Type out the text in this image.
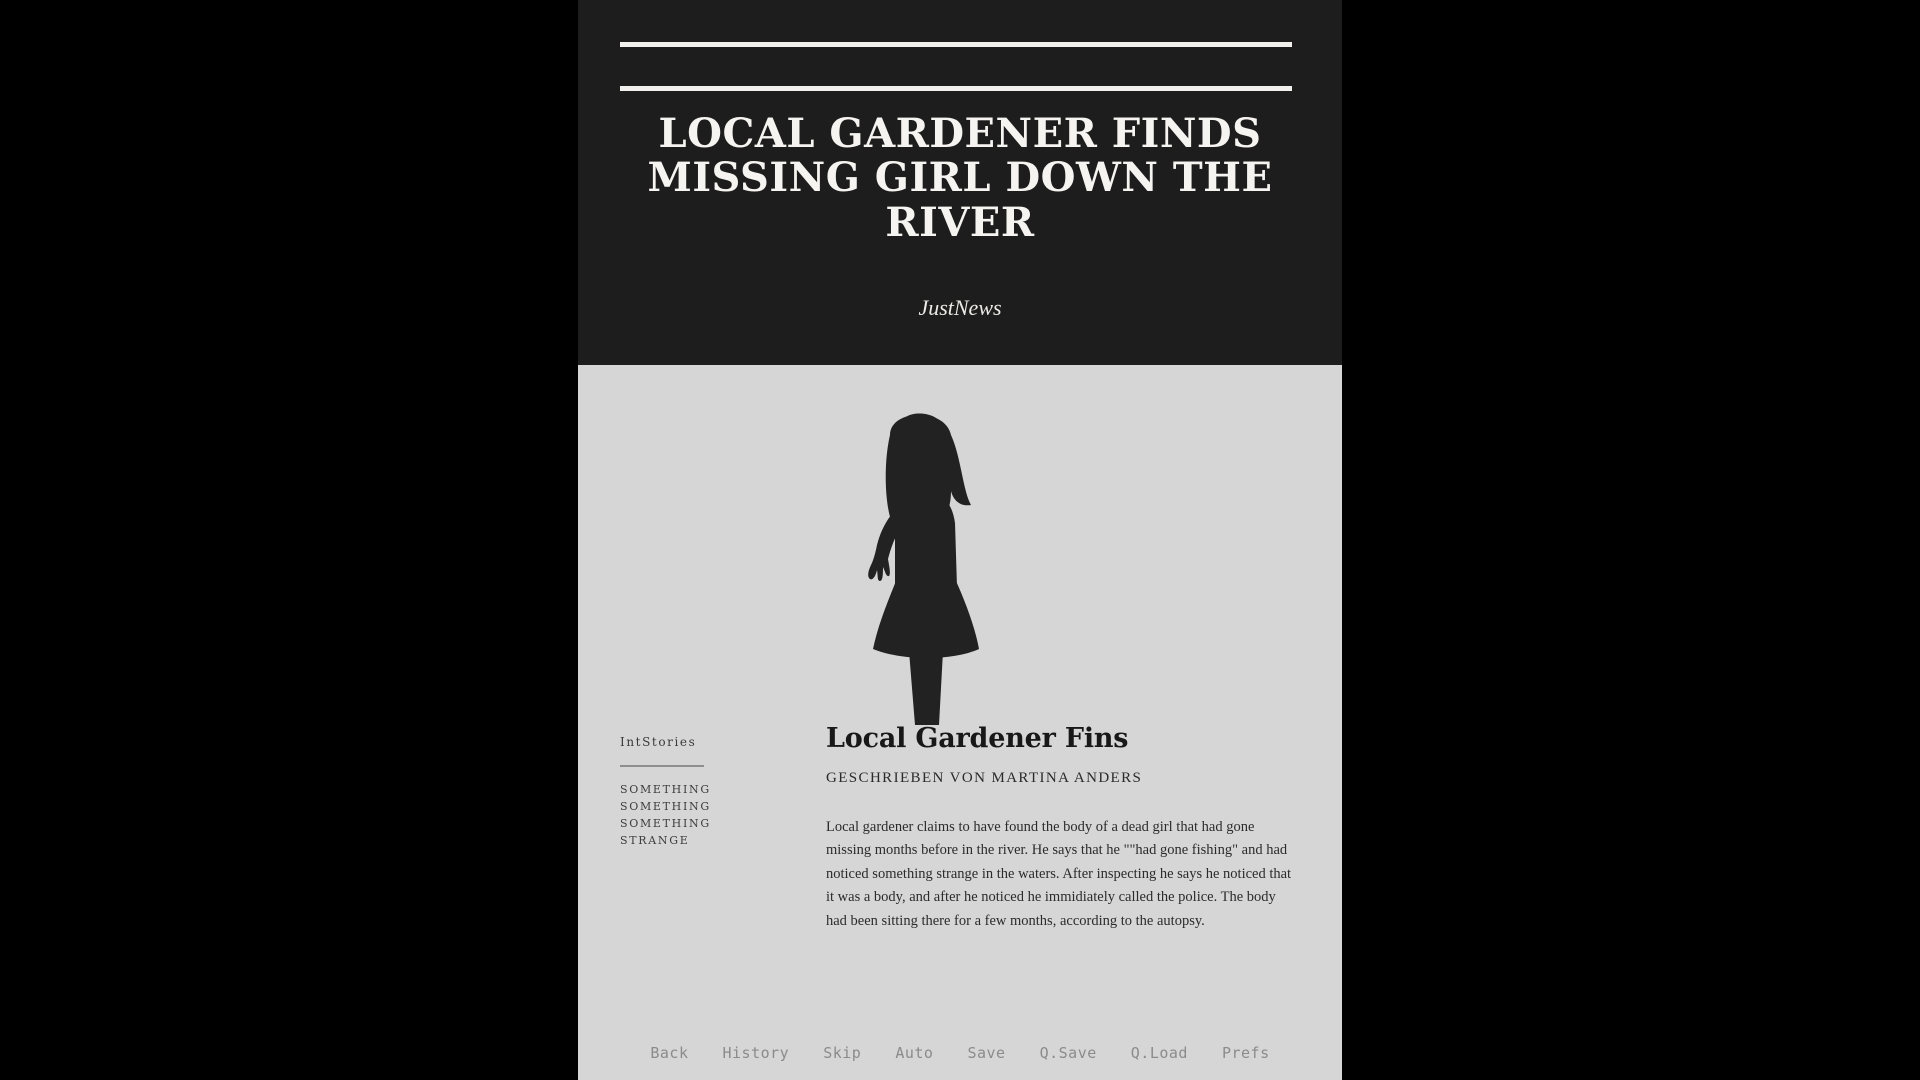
LOCAL GARDENER FINDS MISSING GIRL DOWN THE RIVER
JustNews
IntStories
SOMETHING
SOMETHING
SOMETHING
STRANGE
Local Gardener Fins
GESCHRIEBEN VON MARTINA ANDERS
Local gardener claims to have found the body of a dead girl that had gone missing months before in the river. He says that he ""had gone fishing" and had noticed something strange in the waters. After inspecting he says he noticed that it was a body, and after he noticed he immidiately called the police. The body had been sitting there for a few months, according to the autopsy.
Back History Skip Auto Save Q.Save Q.Load Prefs
